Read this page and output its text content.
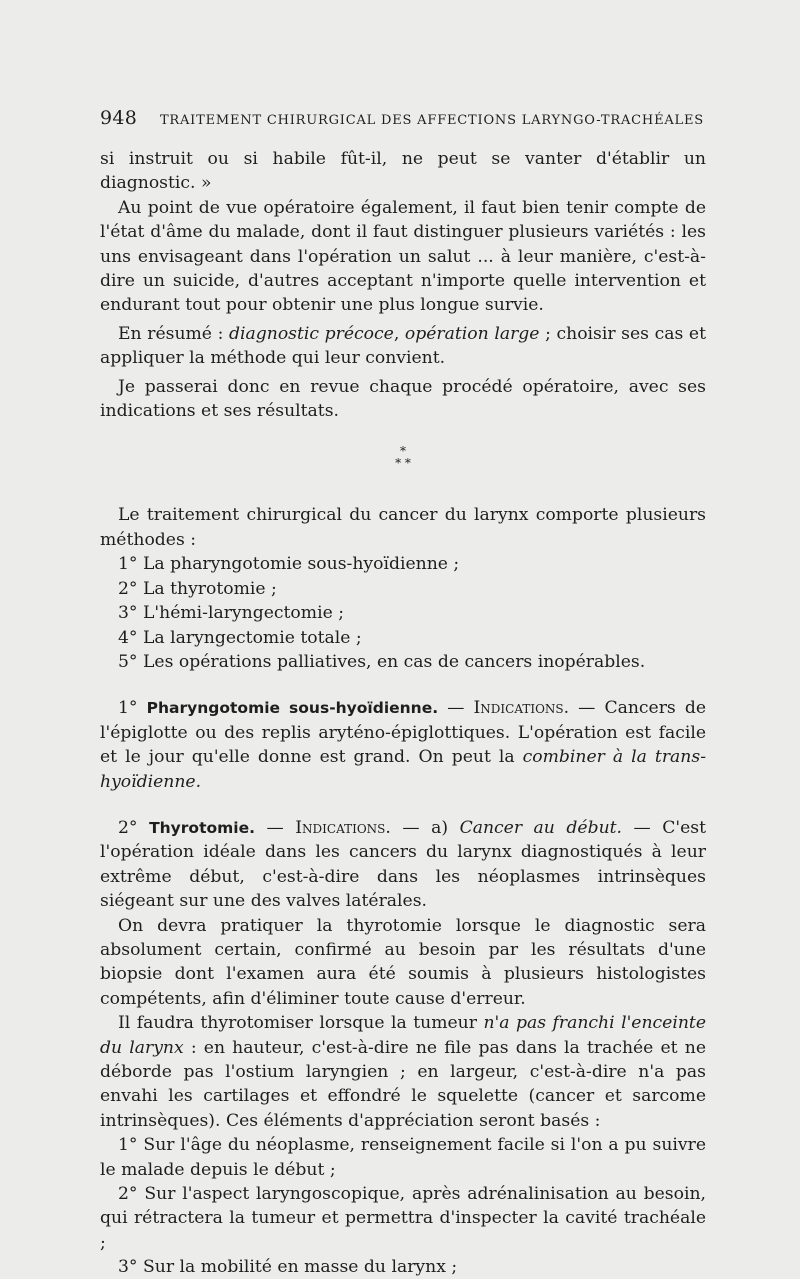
948 TRAITEMENT CHIRURGICAL DES AFFECTIONS LARYNGO-TRACHÉALES

si instruit ou si habile fût-il, ne peut se vanter d'établir un diagnostic. »

Au point de vue opératoire également, il faut bien tenir compte de l'état d'âme du malade, dont il faut distinguer plusieurs variétés : les uns envisageant dans l'opération un salut ... à leur manière, c'est-à-dire un suicide, d'autres acceptant n'importe quelle intervention et endurant tout pour obtenir une plus longue survie.

En résumé : diagnostic précoce, opération large ; choisir ses cas et appliquer la méthode qui leur convient.

Je passerai donc en revue chaque procédé opératoire, avec ses indications et ses résultats.

*
* *

Le traitement chirurgical du cancer du larynx comporte plusieurs méthodes :

1° La pharyngotomie sous-hyoïdienne ;

2° La thyrotomie ;

3° L'hémi-laryngectomie ;

4° La laryngectomie totale ;

5° Les opérations palliatives, en cas de cancers inopérables.

1° Pharyngotomie sous-hyoïdienne. — Indications. — Cancers de l'épiglotte ou des replis aryténo-épiglottiques. L'opération est facile et le jour qu'elle donne est grand. On peut la combiner à la trans-hyoïdienne.

2° Thyrotomie. — Indications. — a) Cancer au début. — C'est l'opération idéale dans les cancers du larynx diagnostiqués à leur extrême début, c'est-à-dire dans les néoplasmes intrinsèques siégeant sur une des valves latérales.

On devra pratiquer la thyrotomie lorsque le diagnostic sera absolument certain, confirmé au besoin par les résultats d'une biopsie dont l'examen aura été soumis à plusieurs histologistes compétents, afin d'éliminer toute cause d'erreur.

Il faudra thyrotomiser lorsque la tumeur n'a pas franchi l'enceinte du larynx : en hauteur, c'est-à-dire ne file pas dans la trachée et ne déborde pas l'ostium laryngien ; en largeur, c'est-à-dire n'a pas envahi les cartilages et effondré le squelette (cancer et sarcome intrinsèques). Ces éléments d'appréciation seront basés :

1° Sur l'âge du néoplasme, renseignement facile si l'on a pu suivre le malade depuis le début ;

2° Sur l'aspect laryngoscopique, après adrénalinisation au besoin, qui rétractera la tumeur et permettra d'inspecter la cavité trachéale ;

3° Sur la mobilité en masse du larynx ;
